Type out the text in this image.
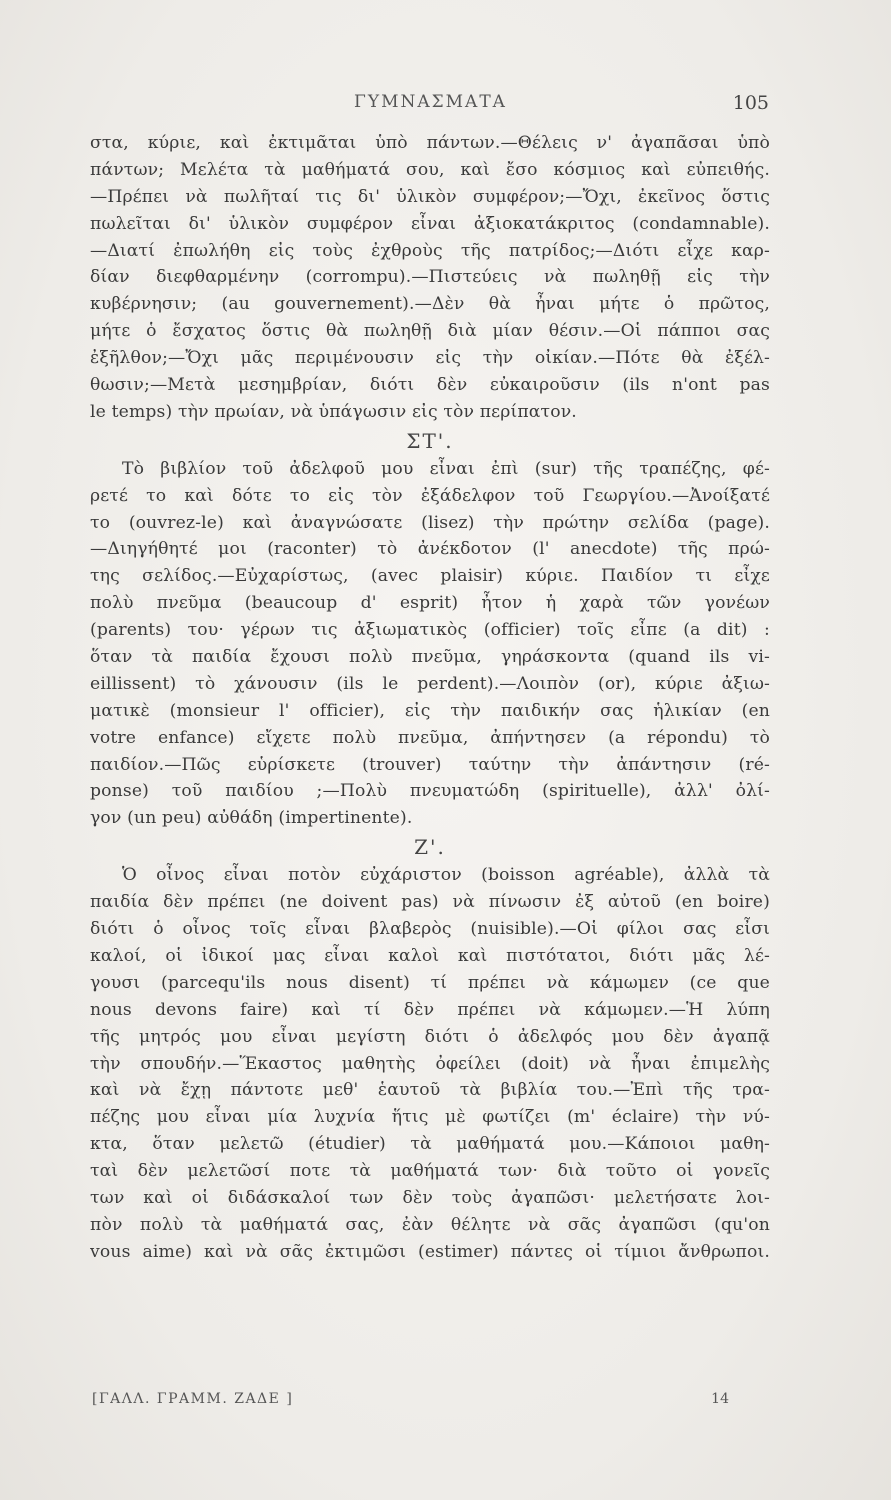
ΓΥΜΝΑΣΜΑΤΑ	105
στα, κύριε, καὶ ἐκτιμᾶται ὑπὸ πάντων.—Θέλεις ν' ἀγαπᾶσαι ὑπὸ
πάντων; Μελέτα τὰ μαθήματά σου, καὶ ἔσο κόσμιος καὶ εὐπειθής.
—Πρέπει νὰ πωλῆταί τις δι' ὑλικὸν συμφέρον;—Ὄχι, ἐκεῖνος ὅστις
πωλεῖται δι' ὑλικὸν συμφέρον εἶναι ἀξιοκατάκριτος (condamnable).
—Διατί ἐπωλήθη εἰς τοὺς ἐχθροὺς τῆς πατρίδος;—Διότι εἶχε καρ-
δίαν διεφθαρμένην (corrompu).—Πιστεύεις νὰ πωληθῇ εἰς τὴν
κυβέρνησιν; (au gouvernement).—Δὲν θὰ ἦναι μήτε ὁ πρῶτος,
μήτε ὁ ἔσχατος ὅστις θὰ πωληθῇ διὰ μίαν θέσιν.—Οἱ πάπποι σας
ἐξῆλθον;—Ὄχι μᾶς περιμένουσιν εἰς τὴν οἰκίαν.—Πότε θὰ ἐξέλ-
θωσιν;—Μετὰ μεσημβρίαν, διότι δὲν εὐκαιροῦσιν (ils n'ont pas
le temps) τὴν πρωίαν, νὰ ὑπάγωσιν εἰς τὸν περίπατον.
ΣΤ'.
Τὸ βιβλίον τοῦ ἀδελφοῦ μου εἶναι ἐπὶ (sur) τῆς τραπέζης, φέ-
ρετέ το καὶ δότε το εἰς τὸν ἐξάδελφον τοῦ Γεωργίου.—Ἀνοίξατέ
το (ouvrez-le) καὶ ἀναγνώσατε (lisez) τὴν πρώτην σελίδα (page).
—Διηγήθητέ μοι (raconter) τὸ ἀνέκδοτον (l' anecdote) τῆς πρώ-
της σελίδος.—Εὐχαρίστως, (avec plaisir) κύριε. Παιδίον τι εἶχε
πολὺ πνεῦμα (beaucoup d' esprit) ἦτον ἡ χαρὰ τῶν γονέων
(parents) του· γέρων τις ἀξιωματικὸς (officier) τοῖς εἶπε (a dit) :
ὅταν τὰ παιδία ἔχουσι πολὺ πνεῦμα, γηράσκοντα (quand ils vi-
eillissent) τὸ χάνουσιν (ils le perdent).—Λοιπὸν (or), κύριε ἀξιω-
ματικὲ (monsieur l' officier), εἰς τὴν παιδικήν σας ἡλικίαν (en
votre enfance) εἴχετε πολὺ πνεῦμα, ἀπήντησεν (a répondu) τὸ
παιδίον.—Πῶς εὑρίσκετε (trouver) ταύτην τὴν ἀπάντησιν (ré-
ponse) τοῦ παιδίου ;—Πολὺ πνευματώδη (spirituelle), ἀλλ' ὀλί-
γον (un peu) αὐθάδη (impertinente).
Ζ'.
Ὁ οἶνος εἶναι ποτὸν εὐχάριστον (boisson agréable), ἀλλὰ τὰ
παιδία δὲν πρέπει (ne doivent pas) νὰ πίνωσιν ἐξ αὐτοῦ (en boire)
διότι ὁ οἶνος τοῖς εἶναι βλαβερὸς (nuisible).—Οἱ φίλοι σας εἶσι
καλοί, οἱ ἰδικοί μας εἶναι καλοὶ καὶ πιστότατοι, διότι μᾶς λέ-
γουσι (parcequ'ils nous disent) τί πρέπει νὰ κάμωμεν (ce que
nous devons faire) καὶ τί δὲν πρέπει νὰ κάμωμεν.—Ἡ λύπη
τῆς μητρός μου εἶναι μεγίστη διότι ὁ ἀδελφός μου δὲν ἀγαπᾷ
τὴν σπουδήν.—Ἕκαστος μαθητὴς ὀφείλει (doit) νὰ ἦναι ἐπιμελὴς
καὶ νὰ ἔχῃ πάντοτε μεθ' ἑαυτοῦ τὰ βιβλία του.—Ἐπὶ τῆς τρα-
πέζης μου εἶναι μία λυχνία ἥτις μὲ φωτίζει (m' éclaire) τὴν νύ-
κτα, ὅταν μελετῶ (étudier) τὰ μαθήματά μου.—Κάποιοι μαθη-
ταὶ δὲν μελετῶσί ποτε τὰ μαθήματά των· διὰ τοῦτο οἱ γονεῖς
των καὶ οἱ διδάσκαλοί των δὲν τοὺς ἀγαπῶσι· μελετήσατε λοι-
πὸν πολὺ τὰ μαθήματά σας, ἐὰν θέλητε νὰ σᾶς ἀγαπῶσι (qu'on
vous aime) καὶ νὰ σᾶς ἐκτιμῶσι (estimer) πάντες οἱ τίμιοι ἄνθρωποι.
[ΓΑΛΛ. ΓΡΑΜΜ. ΖΑΔΕ ]	14
